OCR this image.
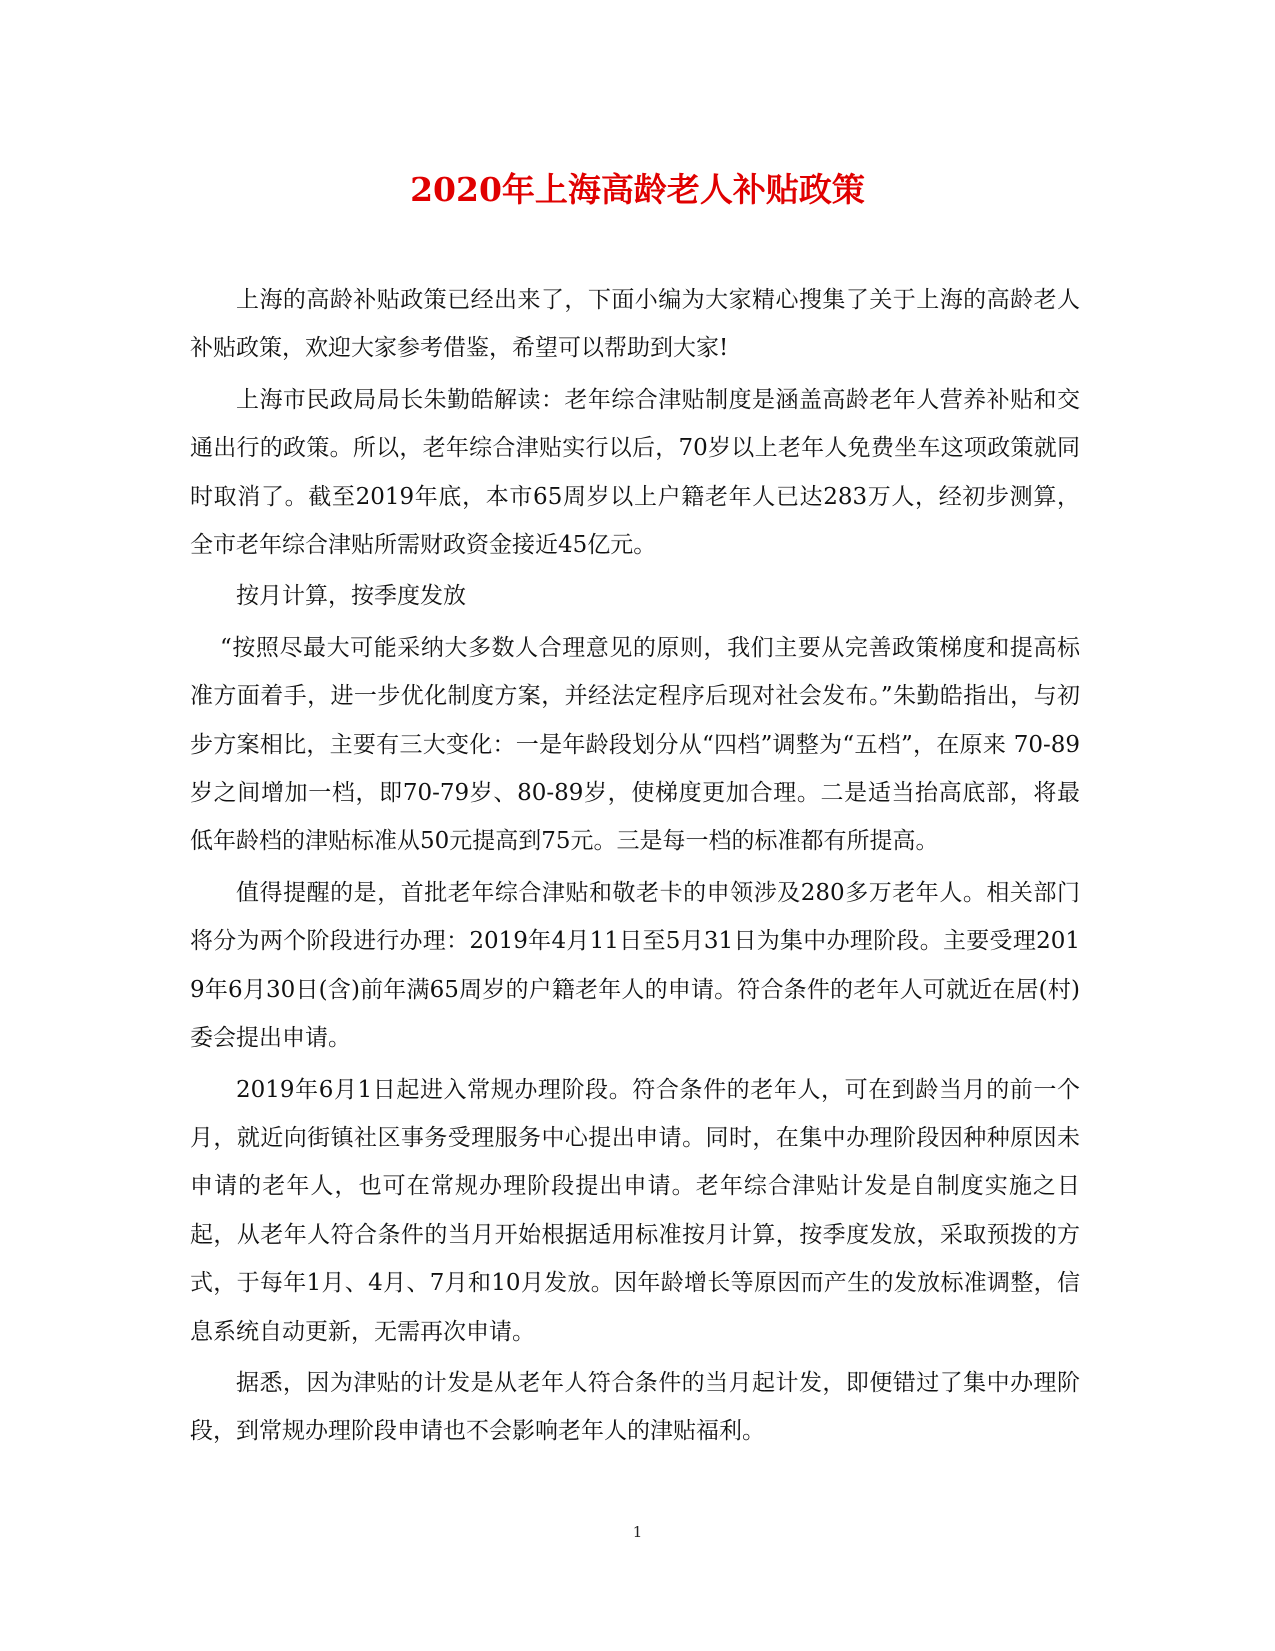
2020年上海高龄老人补贴政策

上海的高龄补贴政策已经出来了，下面小编为大家精心搜集了关于上海的高龄老人补贴政策，欢迎大家参考借鉴，希望可以帮助到大家!

上海市民政局局长朱勤皓解读：老年综合津贴制度是涵盖高龄老年人营养补贴和交通出行的政策。所以，老年综合津贴实行以后，70岁以上老年人免费坐车这项政策就同时取消了。截至2019年底，本市65周岁以上户籍老年人已达283万人，经初步测算，全市老年综合津贴所需财政资金接近45亿元。

按月计算，按季度发放

“按照尽最大可能采纳大多数人合理意见的原则，我们主要从完善政策梯度和提高标准方面着手，进一步优化制度方案，并经法定程序后现对社会发布。”朱勤皓指出，与初步方案相比，主要有三大变化：一是年龄段划分从“四档”调整为“五档”，在原来 70-89岁之间增加一档，即70-79岁、80-89岁，使梯度更加合理。二是适当抬高底部，将最低年龄档的津贴标准从50元提高到75元。三是每一档的标准都有所提高。

值得提醒的是，首批老年综合津贴和敬老卡的申领涉及280多万老年人。相关部门将分为两个阶段进行办理：2019年4月11日至5月31日为集中办理阶段。主要受理2019年6月30日(含)前年满65周岁的户籍老年人的申请。符合条件的老年人可就近在居(村)委会提出申请。

2019年6月1日起进入常规办理阶段。符合条件的老年人，可在到龄当月的前一个月，就近向街镇社区事务受理服务中心提出申请。同时，在集中办理阶段因种种原因未申请的老年人，也可在常规办理阶段提出申请。老年综合津贴计发是自制度实施之日起，从老年人符合条件的当月开始根据适用标准按月计算，按季度发放，采取预拨的方式，于每年1月、4月、7月和10月发放。因年龄增长等原因而产生的发放标准调整，信息系统自动更新，无需再次申请。

据悉，因为津贴的计发是从老年人符合条件的当月起计发，即便错过了集中办理阶段，到常规办理阶段申请也不会影响老年人的津贴福利。

1
